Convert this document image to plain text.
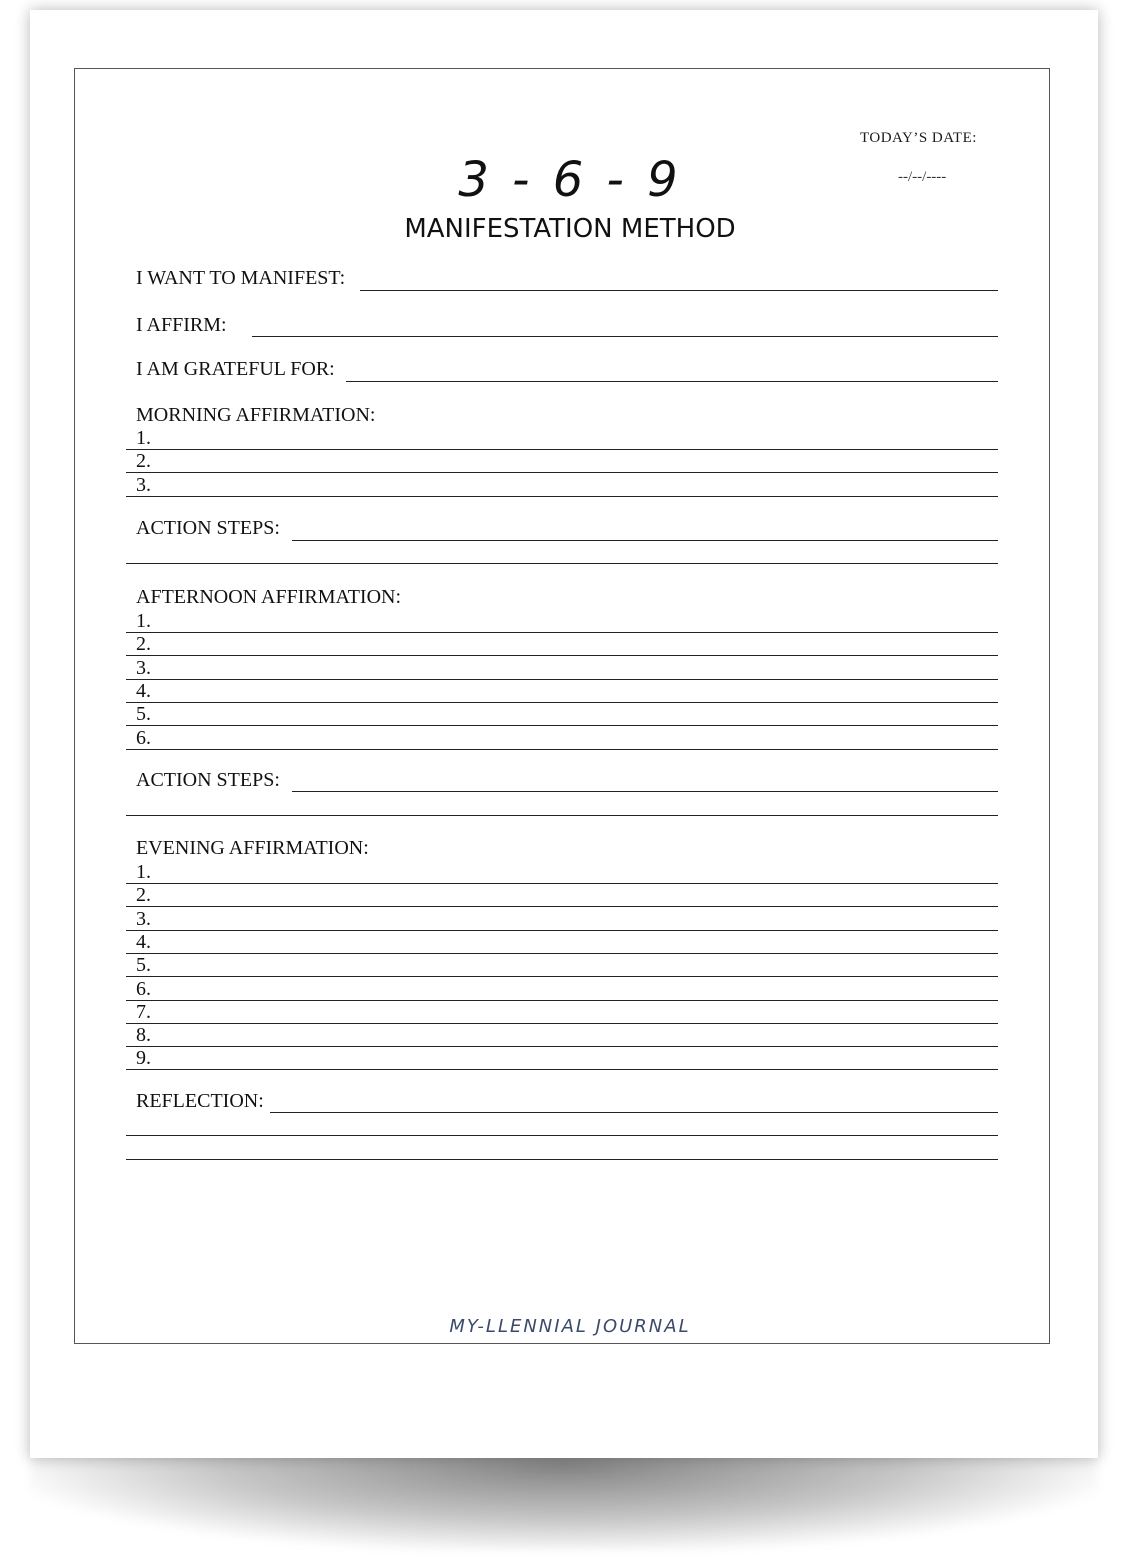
TODAY’S DATE:
--/--/----
3 - 6 - 9
MANIFESTATION METHOD
I WANT TO MANIFEST:
I AFFIRM:
I AM GRATEFUL FOR:
MORNING AFFIRMATION:
1.
2.
3.
ACTION STEPS:
AFTERNOON AFFIRMATION:
1.
2.
3.
4.
5.
6.
ACTION STEPS:
EVENING AFFIRMATION:
1.
2.
3.
4.
5.
6.
7.
8.
9.
REFLECTION:
MY-LLENNIAL JOURNAL
